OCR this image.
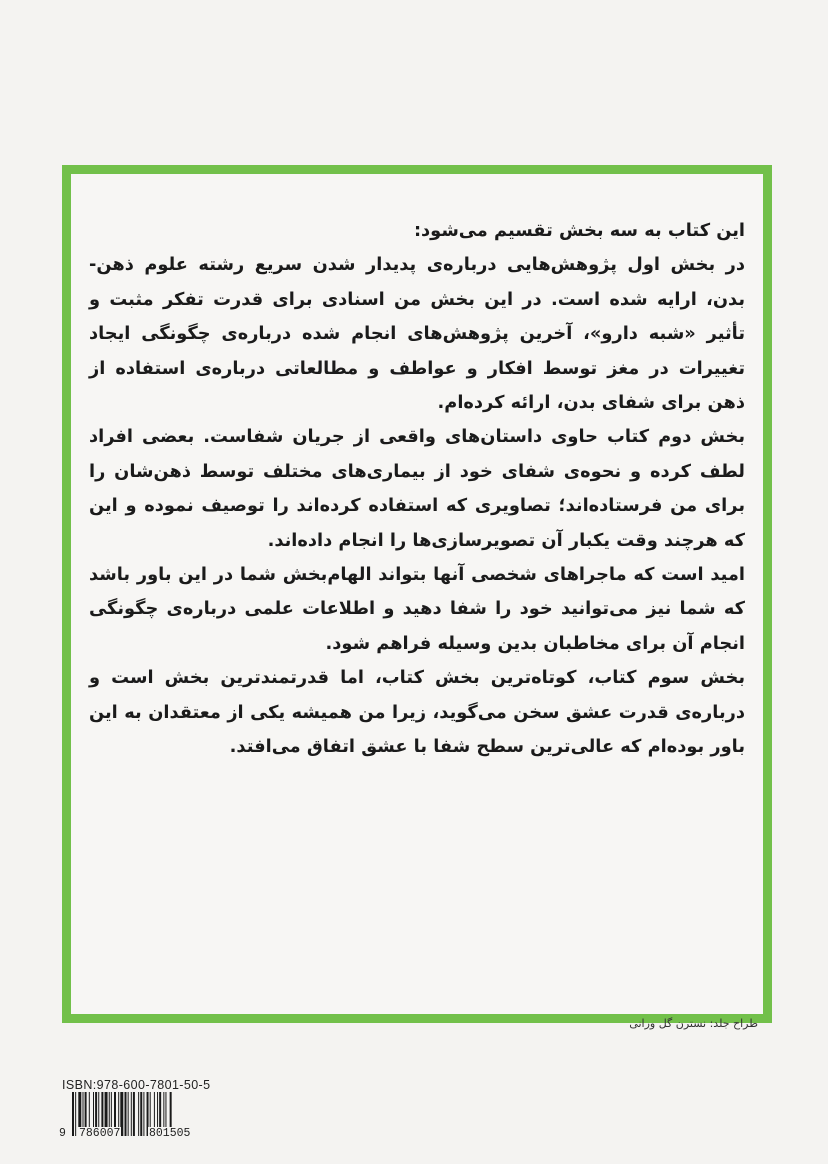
این کتاب به سه بخش تقسیم می‌شود:

در بخش اول پژوهش‌هایی درباره‌ی پدیدار شدن سریع رشته علوم ذهن- بدن، ارایه شده است. در این بخش من اسنادی برای قدرت تفکر مثبت و تأثیر «شبه دارو»، آخرین پژوهش‌های انجام شده درباره‌ی چگونگی ایجاد تغییرات در مغز توسط افکار و عواطف و مطالعاتی درباره‌ی استفاده از ذهن برای شفای بدن، ارائه کرده‌ام.

بخش دوم کتاب حاوی داستان‌های واقعی از جریان شفاست. بعضی افراد لطف کرده و نحوه‌ی شفای خود از بیماری‌های مختلف توسط ذهن‌شان را برای من فرستاده‌اند؛ تصاویری که استفاده کرده‌اند را توصیف نموده و این که هرچند وقت یکبار آن تصویرسازی‌ها را انجام داده‌اند.

امید است که ماجراهای شخصی آنها بتواند الهام‌بخش شما در این باور باشد که شما نیز می‌توانید خود را شفا دهید و اطلاعات علمی درباره‌ی چگونگی انجام آن برای مخاطبان بدین وسیله فراهم شود.

بخش سوم کتاب، کوتاه‌ترین بخش کتاب، اما قدرتمندترین بخش است و درباره‌ی قدرت عشق سخن می‌گوید، زیرا من همیشه یکی از معتقدان به این باور بوده‌ام که عالی‌ترین سطح شفا با عشق اتفاق می‌افتد.

طراح جلد: نسترن گل ورانی
ISBN:978-600-7801-50-5
9 786007 801505
